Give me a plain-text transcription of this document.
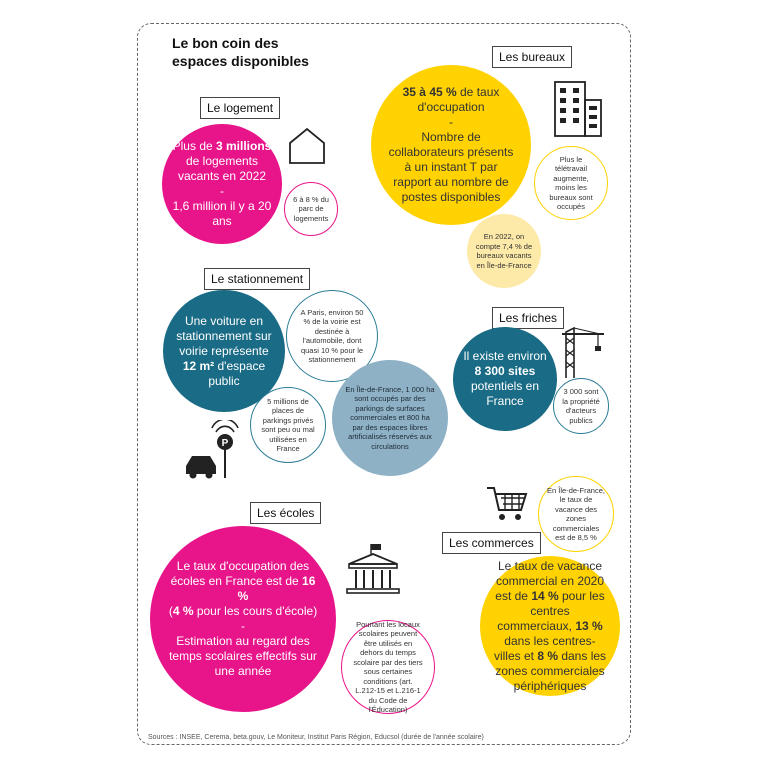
Le bon coin des
espaces disponibles
Le logement
Plus de 3 millions de logements vacants en 2022
-
1,6 million il y a 20 ans
6 à 8 % du parc de logements
Les bureaux
35 à 45 % de taux d'occupation
-
Nombre de collaborateurs présents à un instant T par rapport au nombre de postes disponibles
Plus le télétravail augmente, moins les bureaux sont occupés
En 2022, on compte 7,4 % de bureaux vacants en Île-de-France
Le stationnement
Une voiture en stationnement sur voirie représente 12 m² d'espace public
A Paris, environ 50 % de la voirie est destinée à l'automobile, dont quasi 10 % pour le stationnement
5 millions de places de parkings privés sont peu ou mal utilisées en France
En Île-de-France, 1 000 ha sont occupés par des parkings de surfaces commerciales et 800 ha par des espaces libres artificialisés réservés aux circulations
P
Les friches
Il existe environ 8 300 sites potentiels en France
3 000 sont la propriété d'acteurs publics
Les écoles
Le taux d'occupation des écoles en France est de 16 %
(4 % pour les cours d'école)
-
Estimation au regard des temps scolaires effectifs sur une année
Pourtant les locaux scolaires peuvent être utilisés en dehors du temps scolaire par des tiers sous certaines conditions (art. L.212-15 et L.216-1 du Code de l'Éducation)
Les commerces
Le taux de vacance commercial en 2020 est de 14 % pour les centres commerciaux, 13 % dans les centres-villes et 8 % dans les zones commerciales périphériques
En Île-de-France, le taux de vacance des zones commerciales est de 8,5 %
Sources : INSEE, Cerema, beta.gouv, Le Moniteur, Institut Paris Région, Educsol (durée de l'année scolaire)
